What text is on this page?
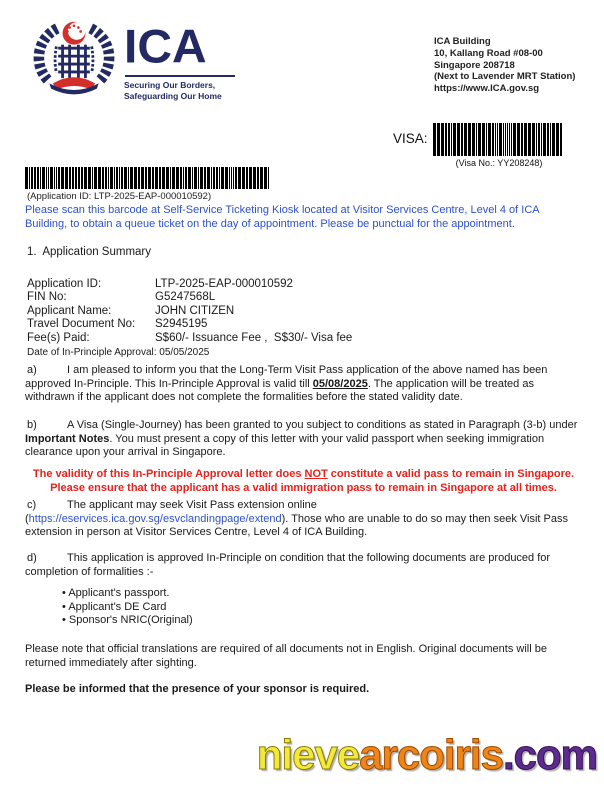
ICA
Securing Our Borders,
Safeguarding Our Home
ICA Building
10, Kallang Road #08-00
Singapore 208718
(Next to Lavender MRT Station)
https://www.ICA.gov.sg
VISA:
(Visa No.: YY208248)
(Application ID: LTP-2025-EAP-000010592)
Please scan this barcode at Self-Service Ticketing Kiosk located at Visitor Services Centre, Level 4 of ICA Building, to obtain a queue ticket on the day of appointment. Please be punctual for the appointment.
1.  Application Summary
Application ID:	LTP-2025-EAP-000010592
FIN No:	G5247568L
Applicant Name:	JOHN CITIZEN
Travel Document No:	S2945195
Fee(s) Paid:	S$60/- Issuance Fee ,  S$30/- Visa fee
Date of In-Principle Approval: 05/05/2025
a)	I am pleased to inform you that the Long-Term Visit Pass application of the above named has been approved In-Principle. This In-Principle Approval is valid till 05/08/2025. The application will be treated as withdrawn if the applicant does not complete the formalities before the stated validity date.
b)	A Visa (Single-Journey) has been granted to you subject to conditions as stated in Paragraph (3-b) under Important Notes. You must present a copy of this letter with your valid passport when seeking immigration clearance upon your arrival in Singapore.
The validity of this In-Principle Approval letter does NOT constitute a valid pass to remain in Singapore. Please ensure that the applicant has a valid immigration pass to remain in Singapore at all times.
c)	The applicant may seek Visit Pass extension online (https://eservices.ica.gov.sg/esvclandingpage/extend). Those who are unable to do so may then seek Visit Pass extension in person at Visitor Services Centre, Level 4 of ICA Building.
d)	This application is approved In-Principle on condition that the following documents are produced for completion of formalities :-
• Applicant's passport.
• Applicant's DE Card
• Sponsor's NRIC(Original)
Please note that official translations are required of all documents not in English. Original documents will be returned immediately after sighting.
Please be informed that the presence of your sponsor is required.
nievearcoiris.com
